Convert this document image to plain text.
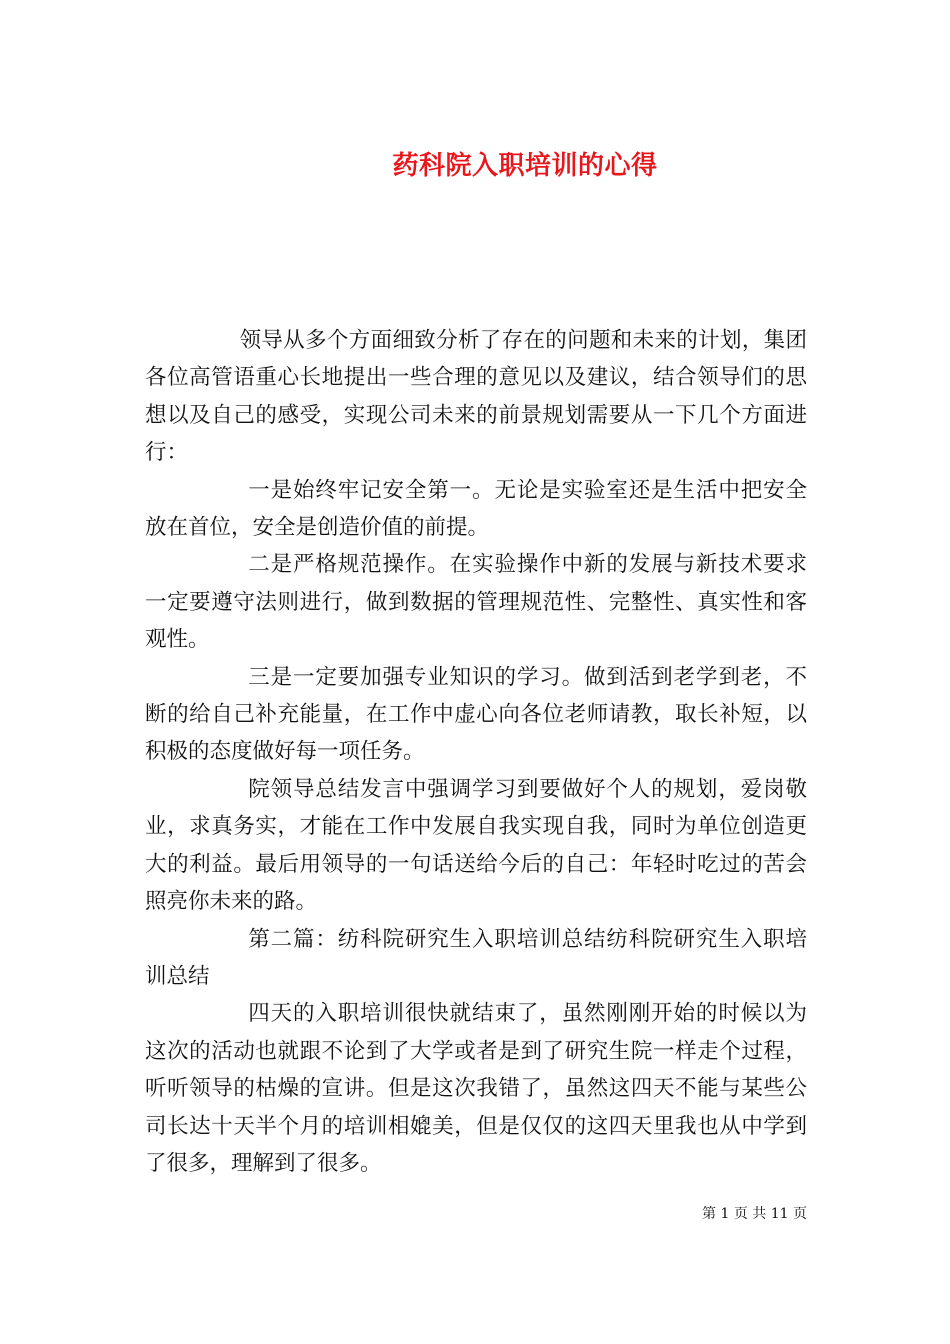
药科院入职培训的心得

领导从多个方面细致分析了存在的问题和未来的计划，集团各位高管语重心长地提出一些合理的意见以及建议，结合领导们的思想以及自己的感受，实现公司未来的前景规划需要从一下几个方面进行：

一是始终牢记安全第一。无论是实验室还是生活中把安全放在首位，安全是创造价值的前提。

二是严格规范操作。在实验操作中新的发展与新技术要求一定要遵守法则进行，做到数据的管理规范性、完整性、真实性和客观性。

三是一定要加强专业知识的学习。做到活到老学到老，不断的给自己补充能量，在工作中虚心向各位老师请教，取长补短，以积极的态度做好每一项任务。

院领导总结发言中强调学习到要做好个人的规划，爱岗敬业，求真务实，才能在工作中发展自我实现自我，同时为单位创造更大的利益。最后用领导的一句话送给今后的自己：年轻时吃过的苦会照亮你未来的路。

第二篇：纺科院研究生入职培训总结纺科院研究生入职培训总结

四天的入职培训很快就结束了，虽然刚刚开始的时候以为这次的活动也就跟不论到了大学或者是到了研究生院一样走个过程，听听领导的枯燥的宣讲。但是这次我错了，虽然这四天不能与某些公司长达十天半个月的培训相媲美，但是仅仅的这四天里我也从中学到了很多，理解到了很多。

第 1 页 共 11 页
